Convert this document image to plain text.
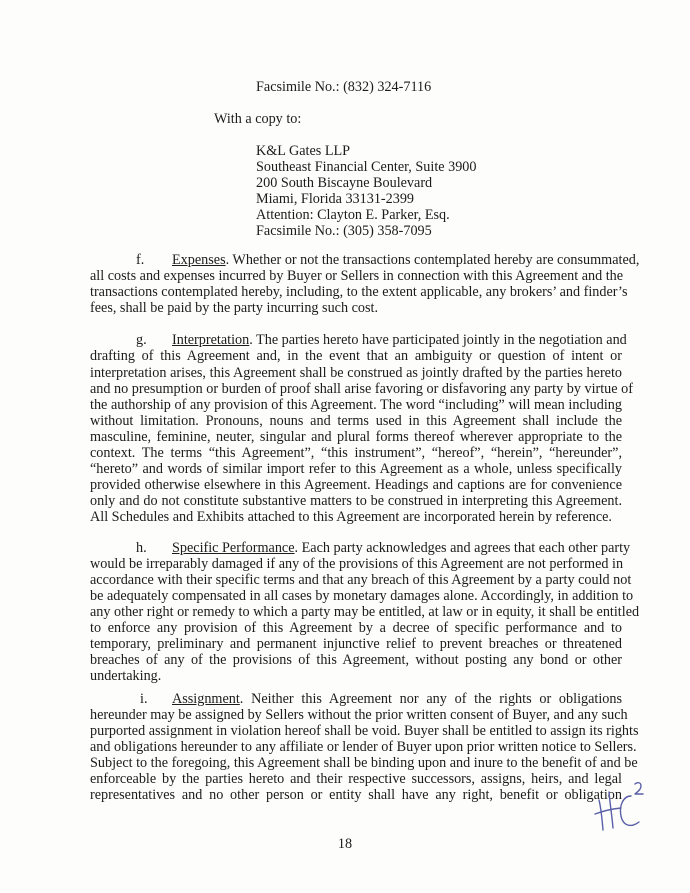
Facsimile No.: (832) 324-7116
With a copy to:
K&L Gates LLP
Southeast Financial Center, Suite 3900
200 South Biscayne Boulevard
Miami, Florida 33131-2399
Attention: Clayton E. Parker, Esq.
Facsimile No.: (305) 358-7095
f. Expenses. Whether or not the transactions contemplated hereby are consummated,
all costs and expenses incurred by Buyer or Sellers in connection with this Agreement and the
transactions contemplated hereby, including, to the extent applicable, any brokers’ and finder’s
fees, shall be paid by the party incurring such cost.
g. Interpretation. The parties hereto have participated jointly in the negotiation and
drafting of this Agreement and, in the event that an ambiguity or question of intent or
interpretation arises, this Agreement shall be construed as jointly drafted by the parties hereto
and no presumption or burden of proof shall arise favoring or disfavoring any party by virtue of
the authorship of any provision of this Agreement. The word “including” will mean including
without limitation. Pronouns, nouns and terms used in this Agreement shall include the
masculine, feminine, neuter, singular and plural forms thereof wherever appropriate to the
context. The terms “this Agreement”, “this instrument”, “hereof”, “herein”, “hereunder”,
“hereto” and words of similar import refer to this Agreement as a whole, unless specifically
provided otherwise elsewhere in this Agreement. Headings and captions are for convenience
only and do not constitute substantive matters to be construed in interpreting this Agreement.
All Schedules and Exhibits attached to this Agreement are incorporated herein by reference.
h. Specific Performance. Each party acknowledges and agrees that each other party
would be irreparably damaged if any of the provisions of this Agreement are not performed in
accordance with their specific terms and that any breach of this Agreement by a party could not
be adequately compensated in all cases by monetary damages alone. Accordingly, in addition to
any other right or remedy to which a party may be entitled, at law or in equity, it shall be entitled
to enforce any provision of this Agreement by a decree of specific performance and to
temporary, preliminary and permanent injunctive relief to prevent breaches or threatened
breaches of any of the provisions of this Agreement, without posting any bond or other
undertaking.
i. Assignment. Neither this Agreement nor any of the rights or obligations
hereunder may be assigned by Sellers without the prior written consent of Buyer, and any such
purported assignment in violation hereof shall be void. Buyer shall be entitled to assign its rights
and obligations hereunder to any affiliate or lender of Buyer upon prior written notice to Sellers.
Subject to the foregoing, this Agreement shall be binding upon and inure to the benefit of and be
enforceable by the parties hereto and their respective successors, assigns, heirs, and legal
representatives and no other person or entity shall have any right, benefit or obligation
18
